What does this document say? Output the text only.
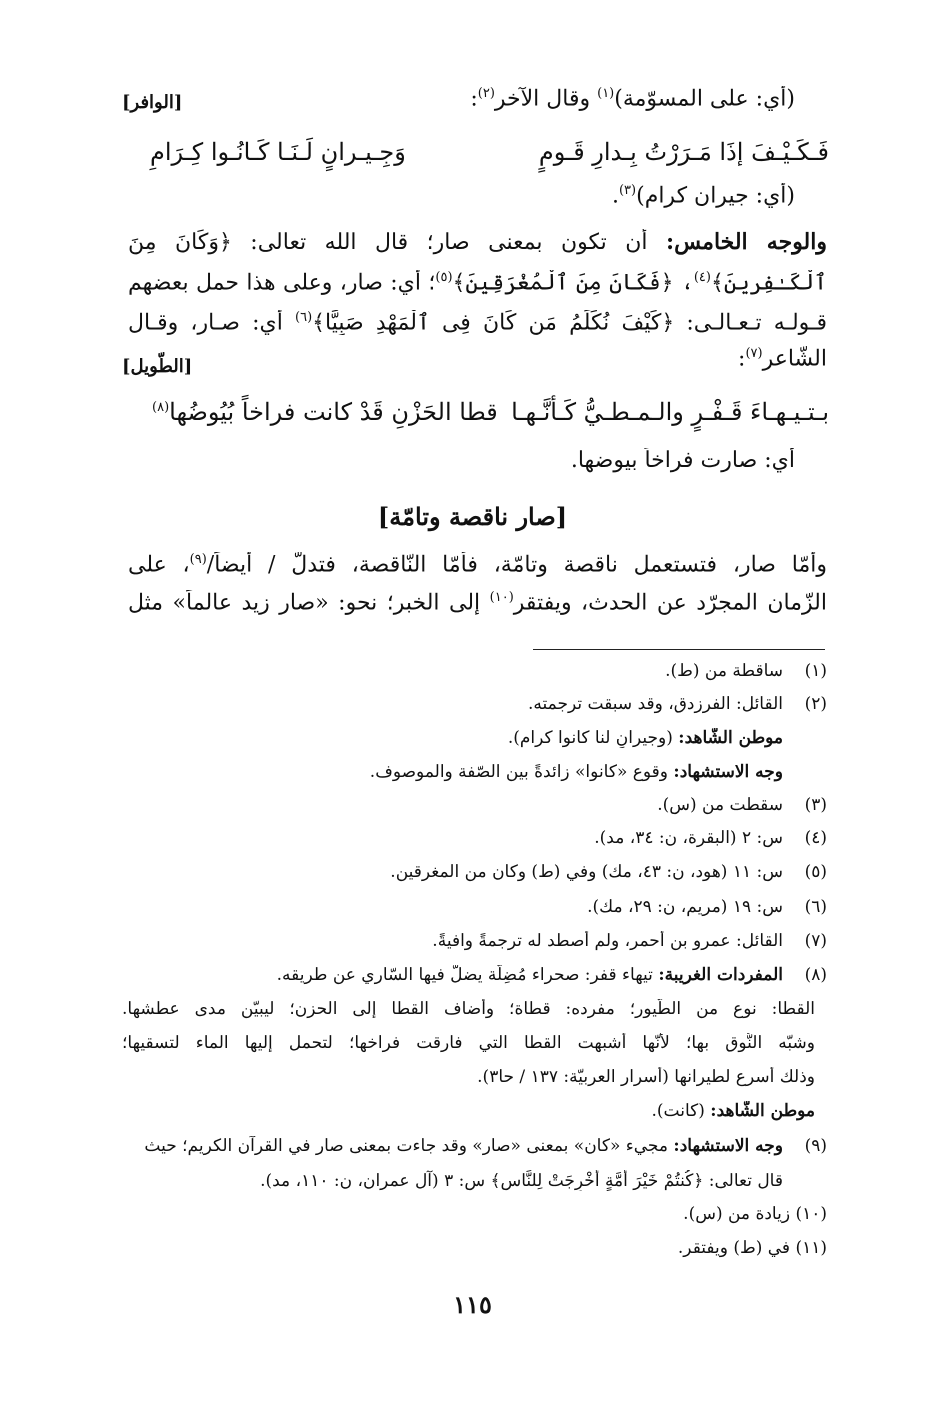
(أي: على المسوّمة)$^{(١)}$ وقال الآخر$^{(٢)}$:
[الوافر]
فَـكَـيْـفَ إذَا مَـرَرْتُ بِـدارِ قَـومٍ
وَجِـيـرانٍ لَـنَـا كَـانُـوا كِـرَامِ
(أي: جيران كرام)$^{(٣)}$.
والوجه الخامس: أن تكون بمعنى صار؛ قال الله تعالى: ﴿وَكَانَ مِنَ
ٱلْكَـٰفِرِينَ﴾$^{(٤)}$، ﴿فَكَانَ مِنَ ٱلْمُغْرَقِينَ﴾$^{(٥)}$؛ أي: صار، وعلى هذا حمل بعضهم
قـولـه تـعـالـى: ﴿كَيْفَ نُكَلِّمُ مَن كَانَ فِى ٱلْمَهْدِ صَبِيًّا﴾$^{(٦)}$ أي: صـار، وقـال
الشّاعر$^{(٧)}$:
[الطّويل]
بـتـيـهـاءَ قَـفْـرٍ والـمـطـيُّ كَـأنَّـهـا
قطا الحَزْنِ قَدْ كانت فراخاً بُيُوضُها$^{(٨)}$
أي: صارت فراخاً بيوضها.
[صار ناقصة وتامّة]
وأمّا صار، فتستعمل ناقصة وتامّة، فأمّا النّاقصة، فتدلُّ / أيضاً/$^{(٩)}$، على
الزّمان المجرّد عن الحدث، ويفتقر$^{(١٠)}$ إلى الخبر؛ نحو: «صار زيد عالماً» مثل
(١)ساقطة من (ط).
(٢)القائل: الفرزدق، وقد سبقت ترجمته.
موطن الشّاهد: (وجيرانٍ لنا كانوا كرام).
وجه الاستشهاد: وقوع «كانوا» زائدةً بين الصّفة والموصوف.
(٣)سقطت من (س).
(٤)س: ٢ (البقرة، ن: ٣٤، مد).
(٥)س: ١١ (هود، ن: ٤٣، مك) وفي (ط) وكان من المغرقين.
(٦)س: ١٩ (مريم، ن: ٢٩، مك).
(٧)القائل: عمرو بن أحمر، ولم أصطد له ترجمةً وافيةً.
(٨)المفردات الغريبة: تيهاء قفر: صحراء مُضِلّة يضلّ فيها السّاري عن طريقه.
القطا: نوع من الطّيور؛ مفرده: قطاة؛ وأضاف القطا إلى الحزن؛ ليبيّن مدى عطشها.
وشبّه النُّوق بها؛ لأنّها أشبهت القطا التي فارقت فراخها؛ لتحمل إليها الماء لتسقيها؛
وذلك أسرع لطيرانها (أسرار العربيّة: ١٣٧ / حا٣).
موطن الشّاهد: (كانت).
(٩)وجه الاستشهاد: مجيء «كان» بمعنى «صار» وقد جاءت بمعنى صار في القرآن الكريم؛ حيث
قال تعالى: ﴿كُنتُمْ خَيْرَ أُمَّةٍ أُخْرِجَتْ لِلنَّاسِ﴾ س: ٣ (آل عمران، ن: ١١٠، مد).
(١٠) زيادة من (س).
(١١) في (ط) ويفتقر.
١١٥
